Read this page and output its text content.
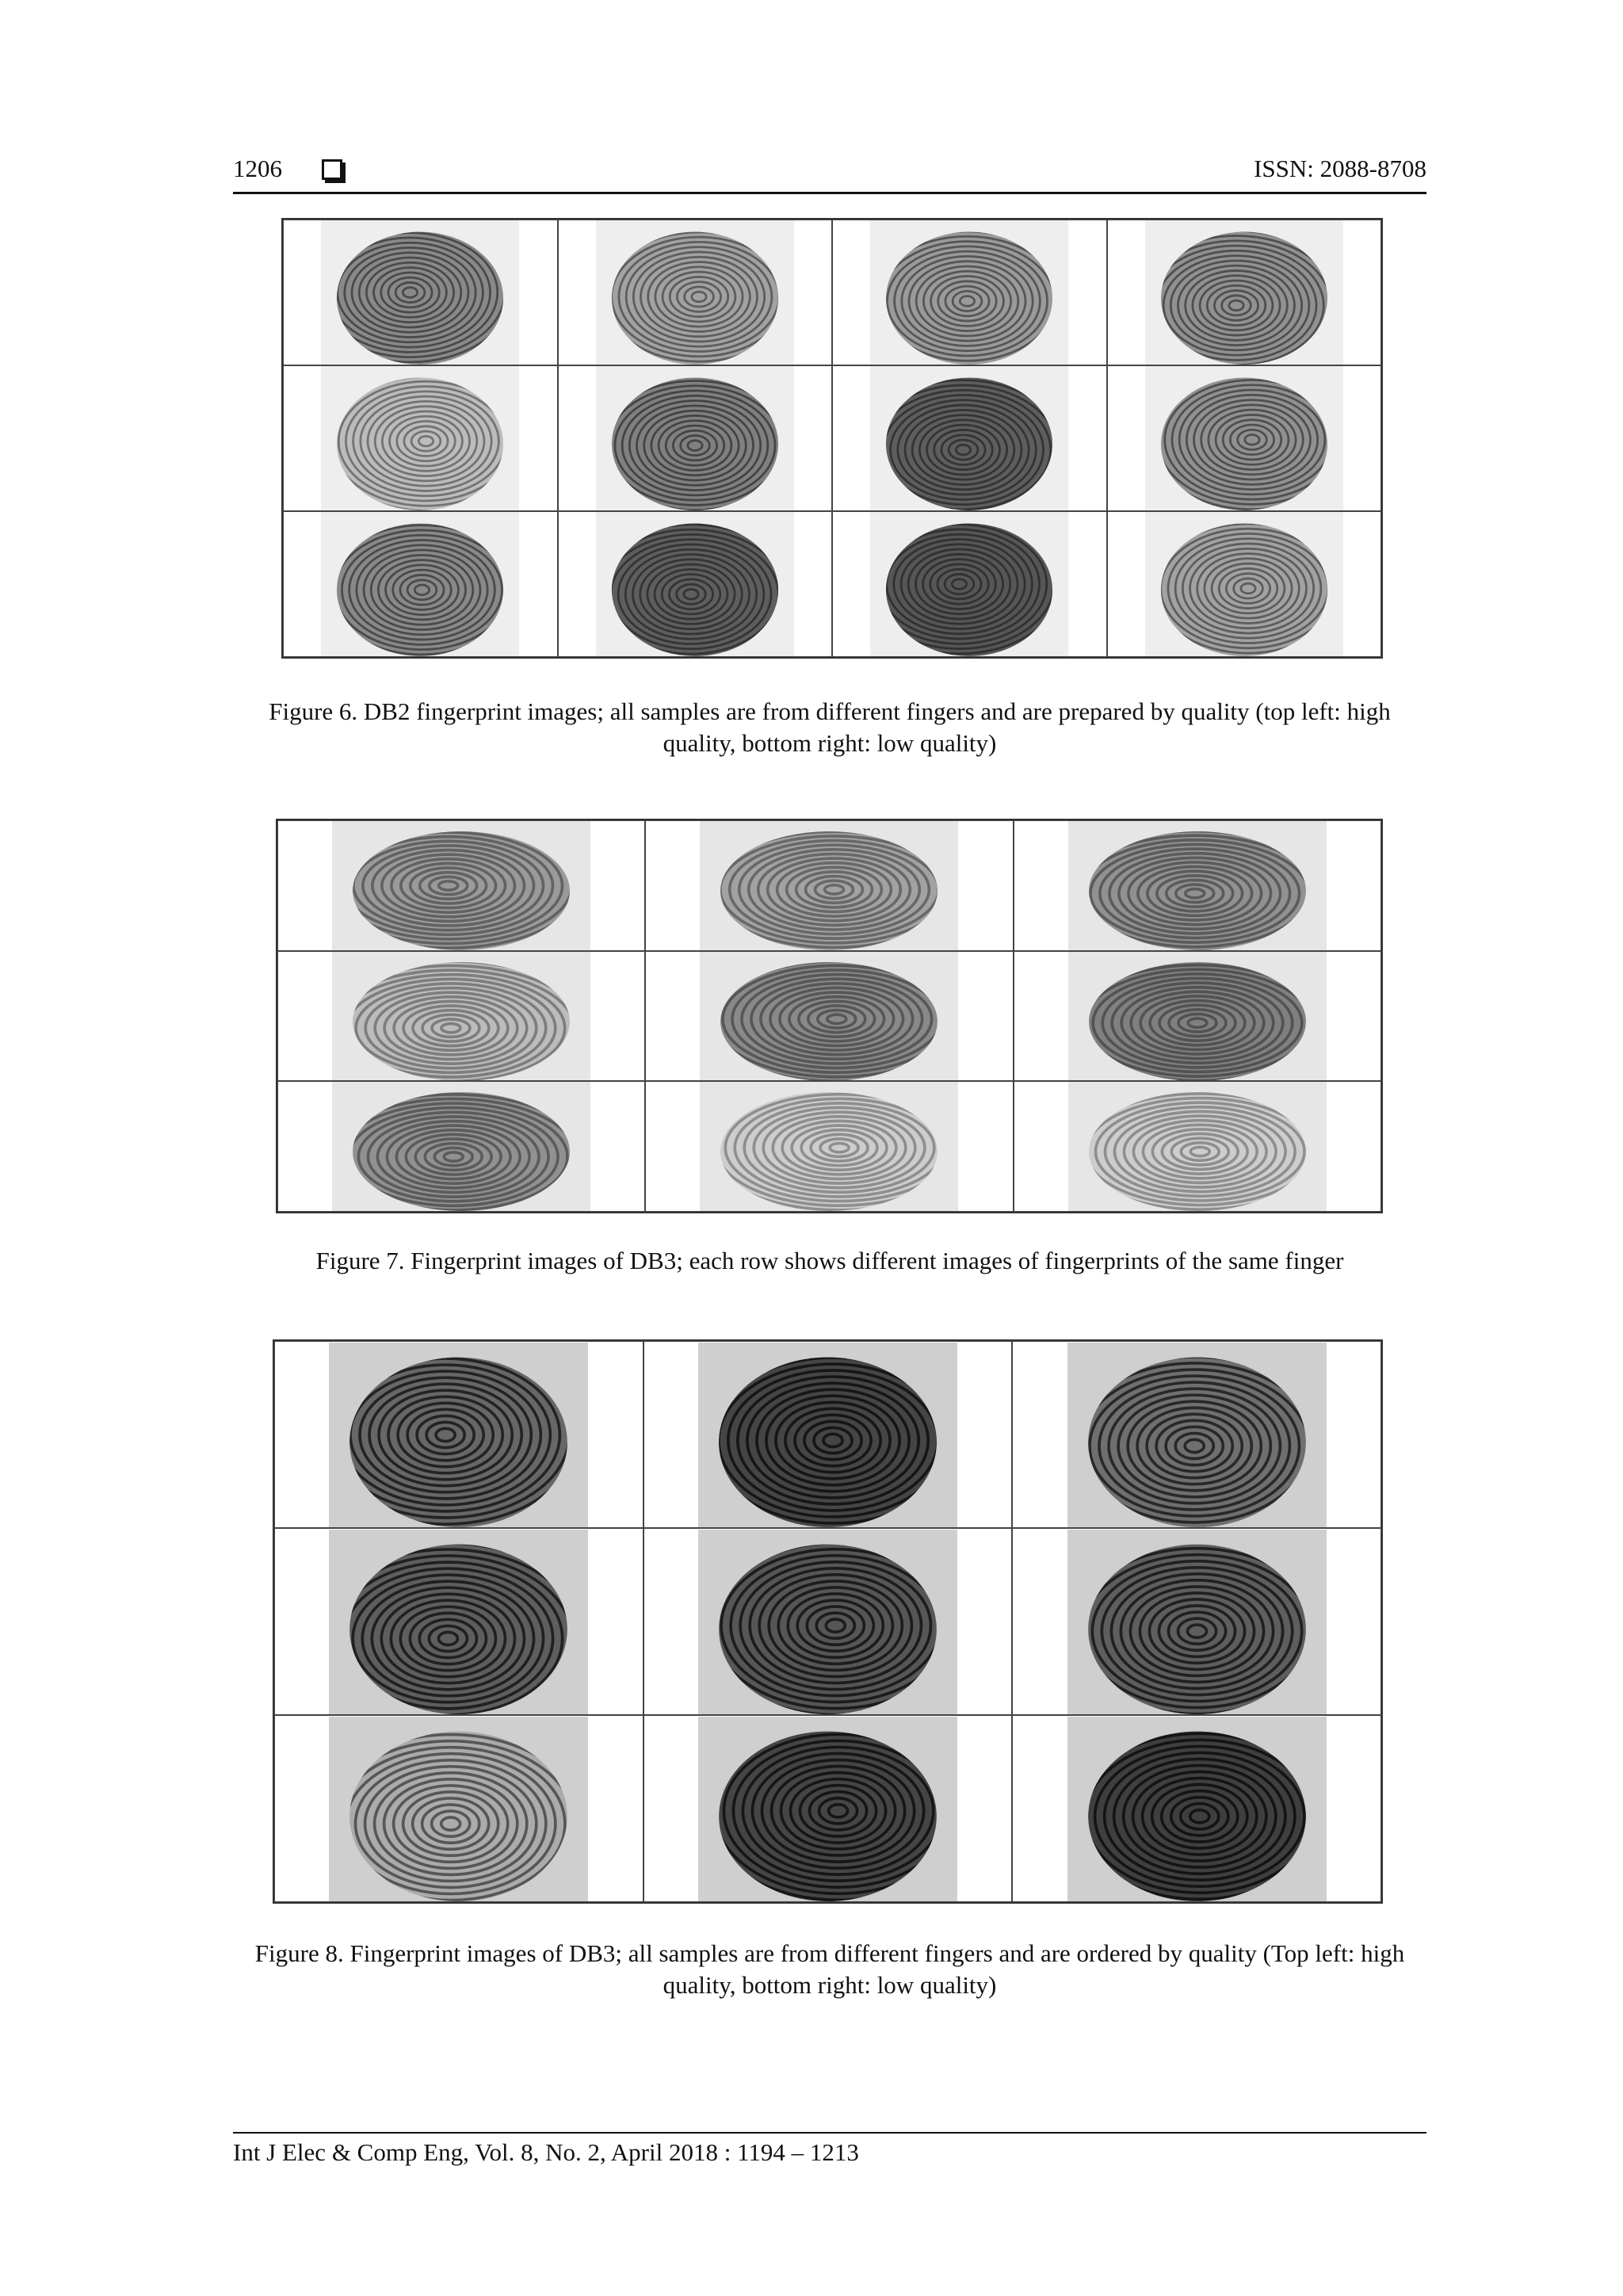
1206	ISSN: 2088-8708
Figure 6. DB2 fingerprint images; all samples are from different fingers and are prepared by quality (top left: high quality, bottom right: low quality)
Figure 7. Fingerprint images of DB3; each row shows different images of fingerprints of the same finger
Figure 8. Fingerprint images of DB3; all samples are from different fingers and are ordered by quality (Top left: high quality, bottom right: low quality)
Int J Elec & Comp Eng, Vol. 8, No. 2, April 2018 : 1194 – 1213
